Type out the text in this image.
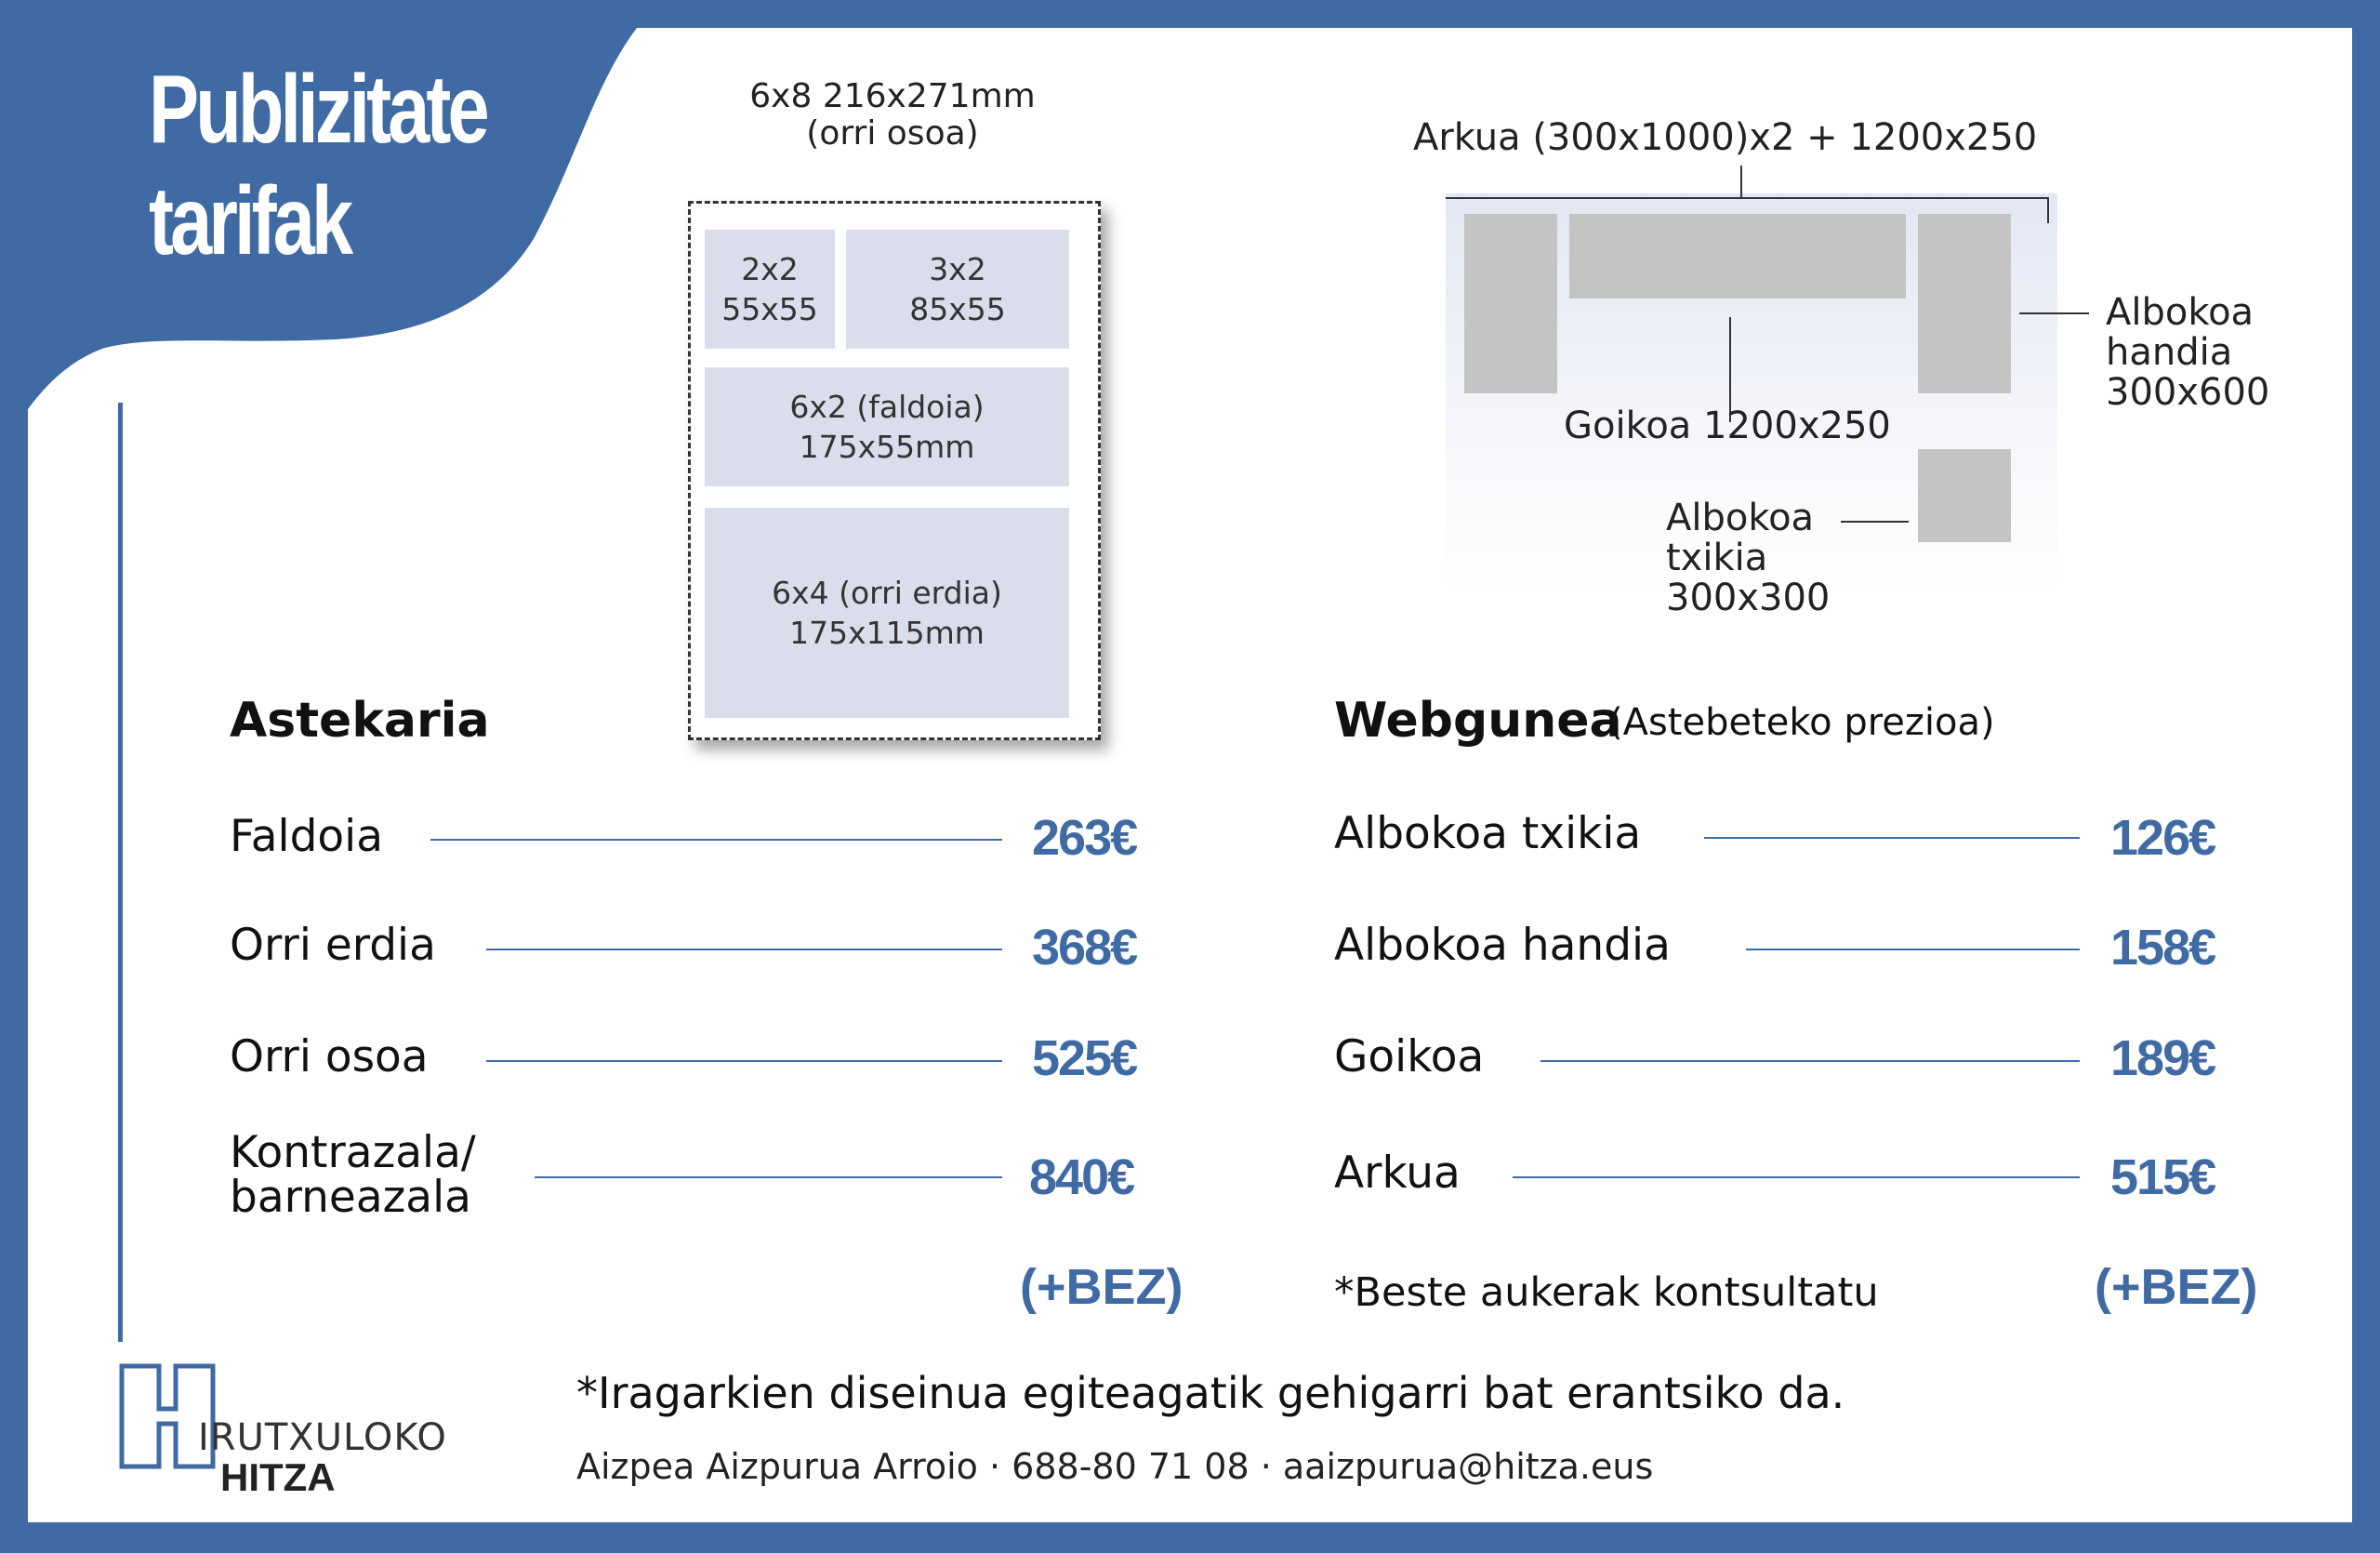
Publizitate
tarifak
6x8 216x271mm
(orri osoa)
2x2
55x55
3x2
85x55
6x2 (faldoia)
175x55mm
6x4 (orri erdia)
175x115mm
Arkua (300x1000)x2 + 1200x250
Goikoa 1200x250
Albokoa
handia
300x600
Albokoa
txikia
300x300
Astekaria
Faldoia	263€
Orri erdia	368€
Orri osoa	525€
Kontrazala/
barneazala	840€
(+BEZ)
Webgunea
(Astebeteko prezioa)
Albokoa txikia	126€
Albokoa handia	158€
Goikoa	189€
Arkua	515€
*Beste aukerak kontsultatu	(+BEZ)
IRUTXULOKO
HITZA
*Iragarkien diseinua egiteagatik gehigarri bat erantsiko da.
Aizpea Aizpurua Arroio · 688-80 71 08 · aaizpurua@hitza.eus
